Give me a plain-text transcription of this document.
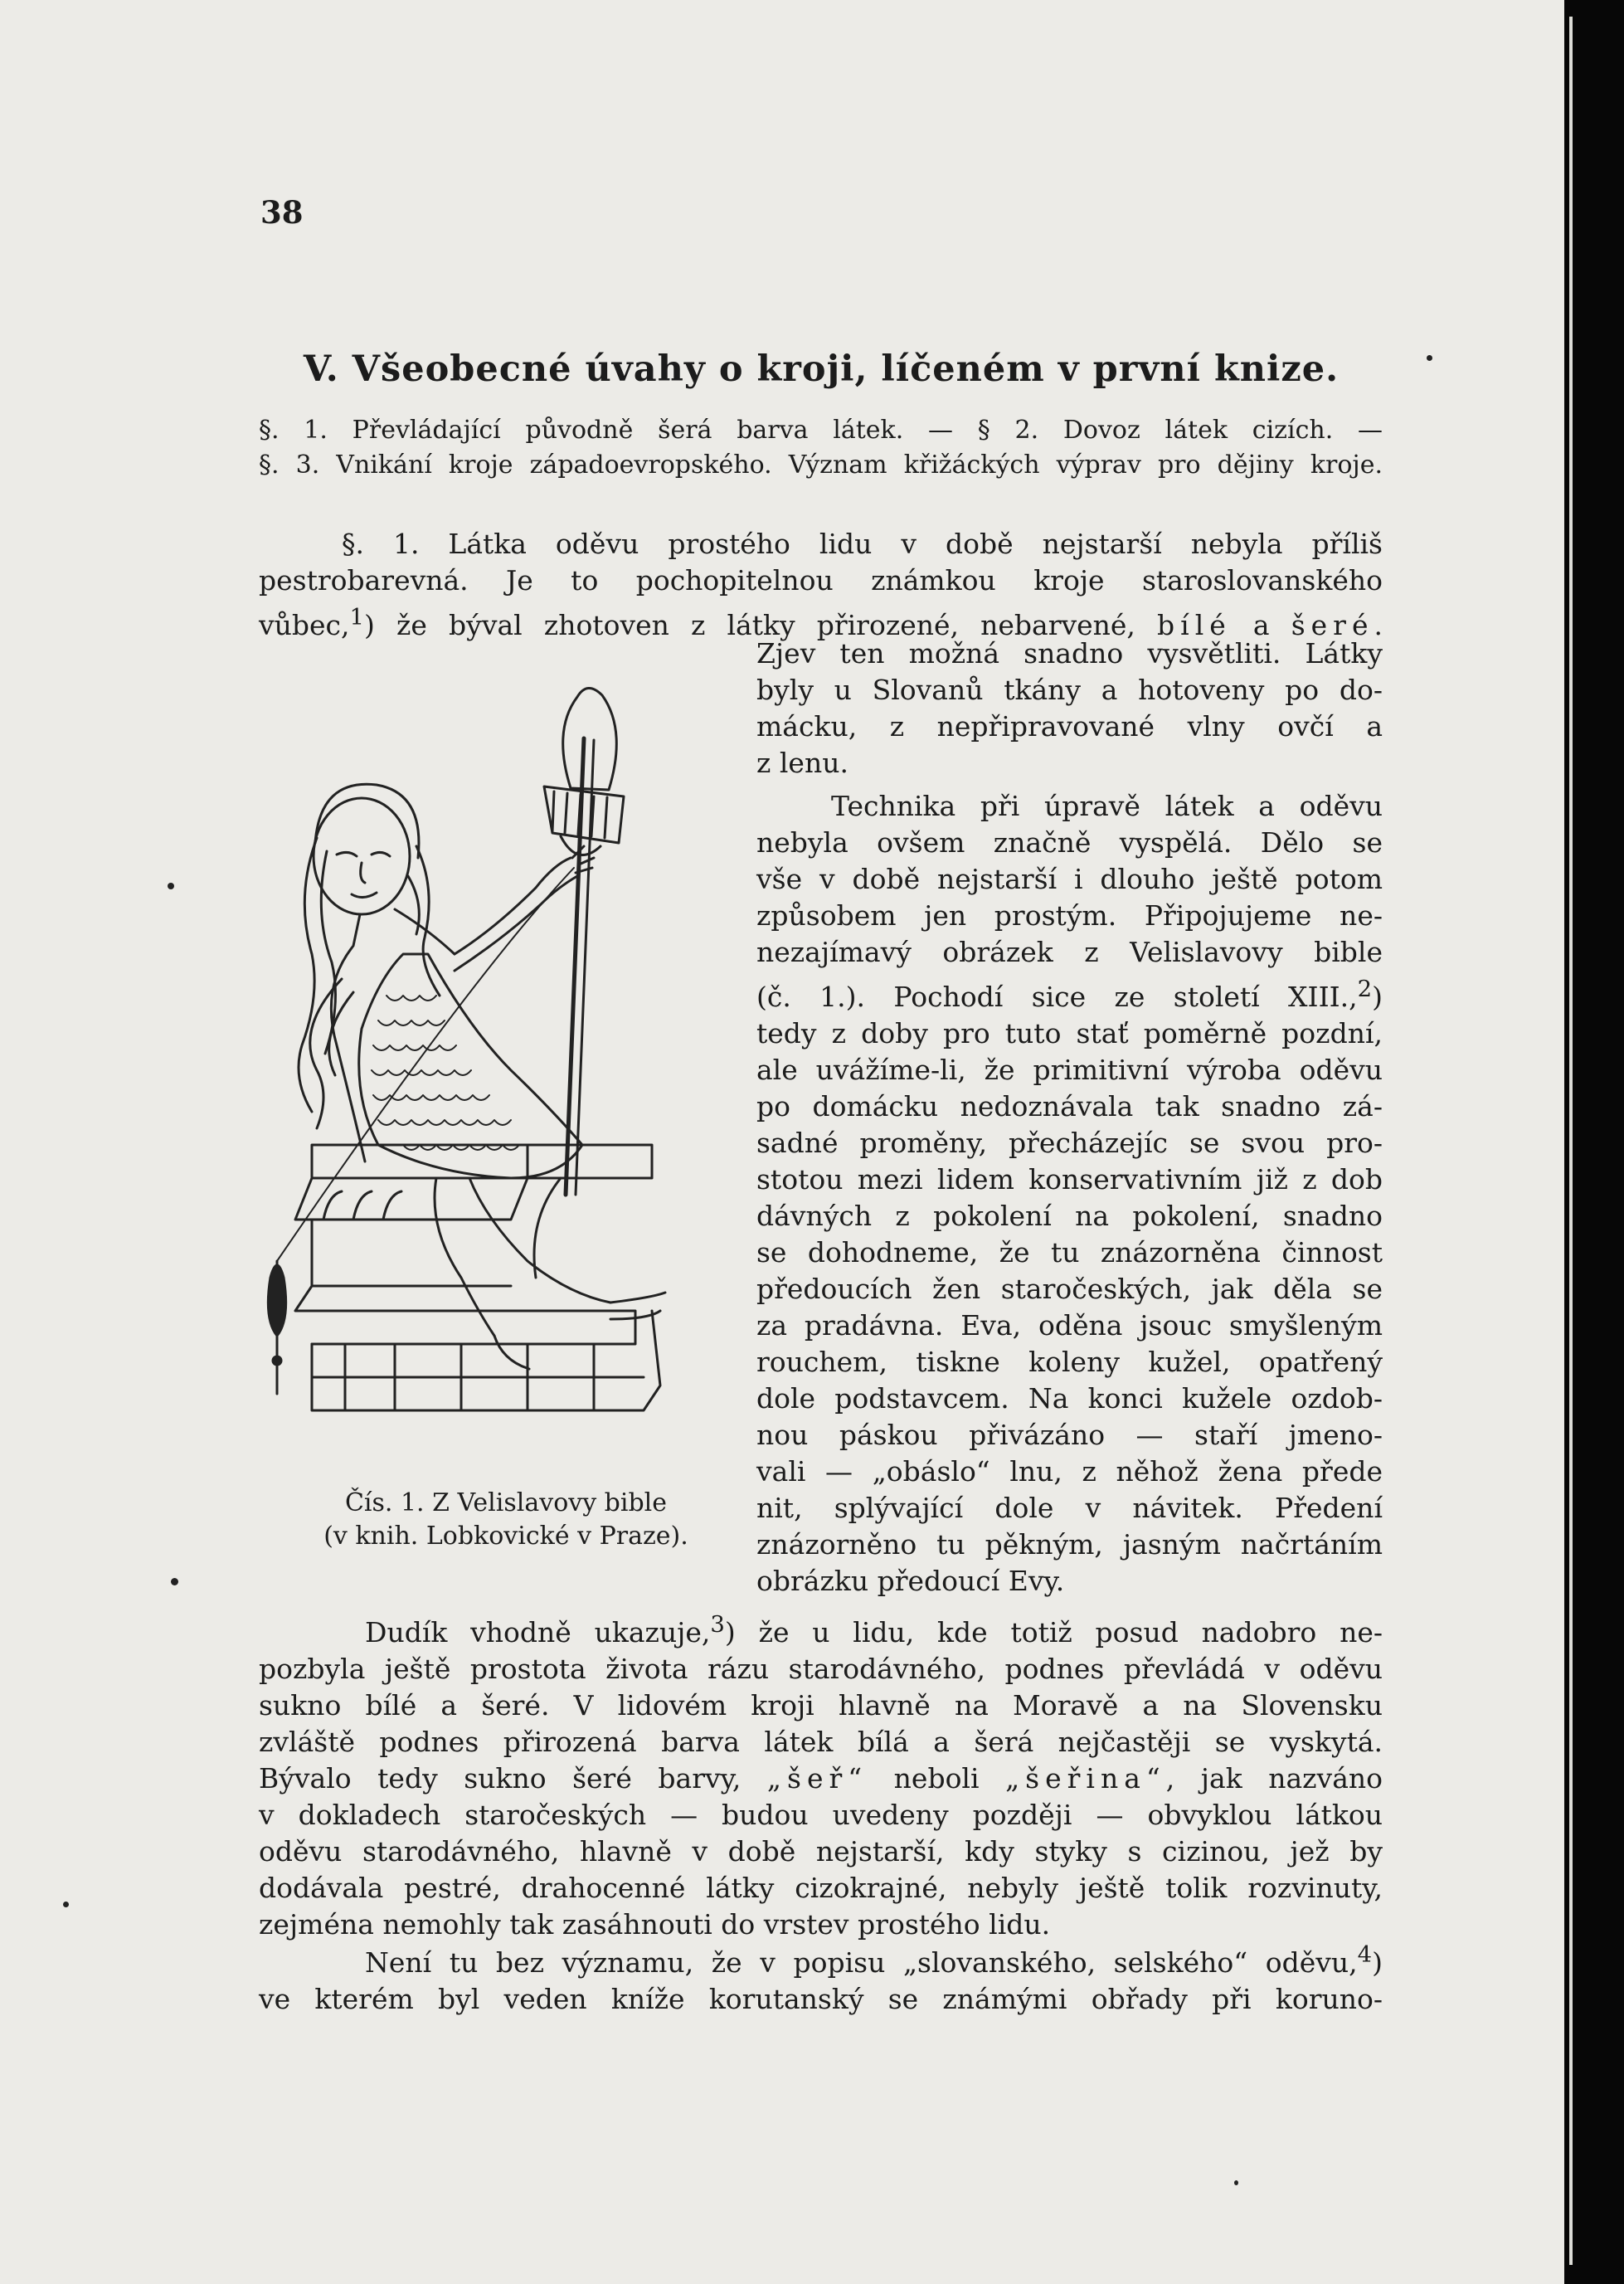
38
V. Všeobecné úvahy o kroji, líčeném v první knize.

§. 1. Převládající původně šerá barva látek. — § 2. Dovoz látek cizích. —

§. 3. Vnikání kroje západoevropského. Význam křižáckých výprav pro dějiny kroje.

§. 1. Látka oděvu prostého lidu v době nejstarší nebyla příliš
pestrobarevná. Je to pochopitelnou známkou kroje staroslovanského
vůbec,$^1$) že býval zhotoven z látky přirozené, nebarvené, bílé a šeré.
Zjev ten možná snadno vysvětliti. Látky
byly u Slovanů tkány a hotoveny po do-
mácku, z nepřipravované vlny ovčí a
z lenu.
Technika při úpravě látek a oděvu
nebyla ovšem značně vyspělá. Dělo se
vše v době nejstarší i dlouho ještě potom
způsobem jen prostým. Připojujeme ne-
nezajímavý obrázek z Velislavovy bible
(č. 1.). Pochodí sice ze století XIII.,$^2$)
tedy z doby pro tuto stať poměrně pozdní,
ale uvážíme-li, že primitivní výroba oděvu
po domácku nedoznávala tak snadno zá-
sadné proměny, přecházejíc se svou pro-
stotou mezi lidem konservativním již z dob
dávných z pokolení na pokolení, snadno
se dohodneme, že tu znázorněna činnost
předoucích žen staročeských, jak děla se
za pradávna. Eva, oděna jsouc smyšleným
rouchem, tiskne koleny kužel, opatřený
dole podstavcem. Na konci kužele ozdob-
nou páskou přivázáno — staří jmeno-
vali — „obáslo“ lnu, z něhož žena přede
nit, splývající dole v návitek. Předení
znázorněno tu pěkným, jasným načrtáním
obrázku předoucí Evy.
Čís. 1. Z Velislavovy bible
(v knih. Lobkovické v Praze).
Dudík vhodně ukazuje,$^3$) že u lidu, kde totiž posud nadobro ne-
pozbyla ještě prostota života rázu starodávného, podnes převládá v oděvu
sukno bílé a šeré. V lidovém kroji hlavně na Moravě a na Slovensku
zvláště podnes přirozená barva látek bílá a šerá nejčastěji se vyskytá.
Bývalo tedy sukno šeré barvy, „šeř“ neboli „šeřina“, jak nazváno
v dokladech staročeských — budou uvedeny později — obvyklou látkou
oděvu starodávného, hlavně v době nejstarší, kdy styky s cizinou, jež by
dodávala pestré, drahocenné látky cizokrajné, nebyly ještě tolik rozvinuty,
zejména nemohly tak zasáhnouti do vrstev prostého lidu.
Není tu bez významu, že v popisu „slovanského, selského“ oděvu,$^4$)
ve kterém byl veden kníže korutanský se známými obřady při koruno-
